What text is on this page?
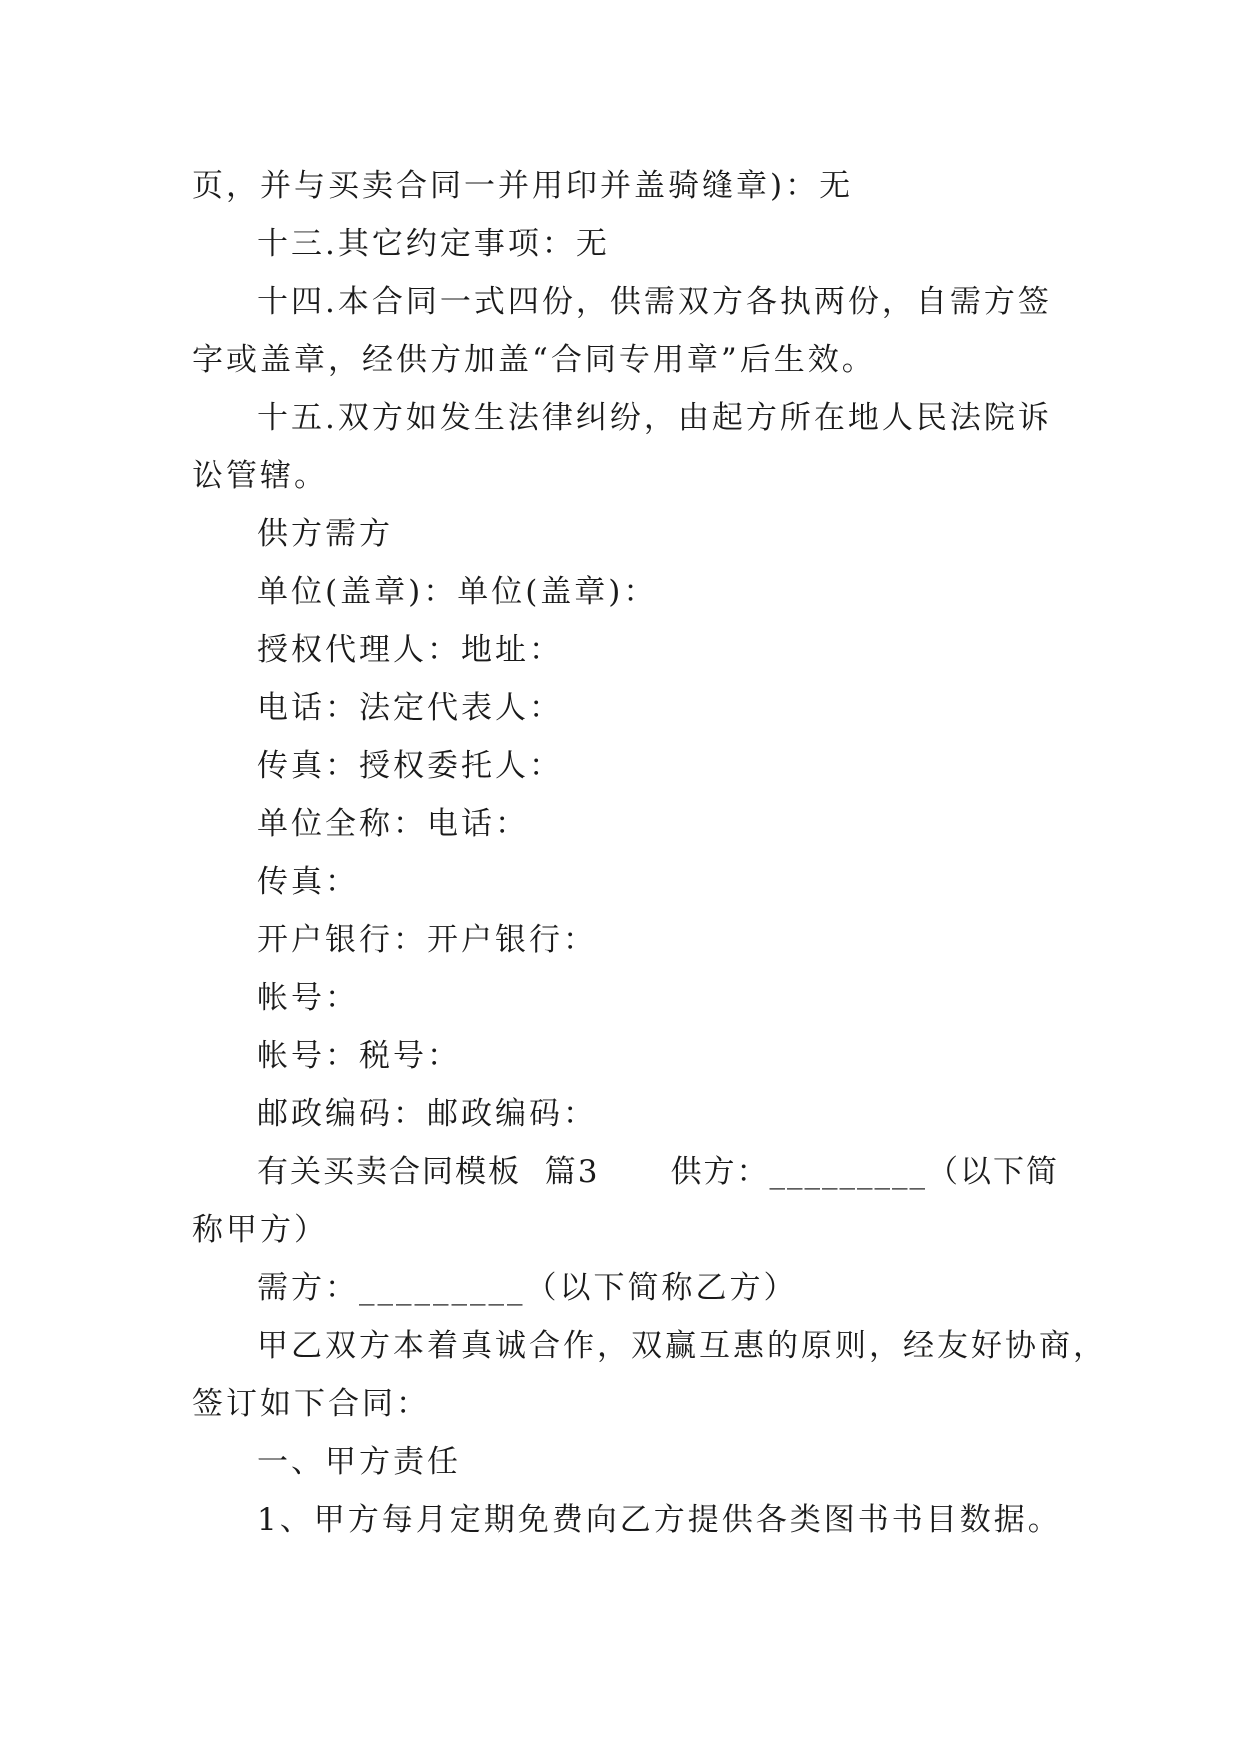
页，并与买卖合同一并用印并盖骑缝章)：无
十三.其它约定事项：无
十四.本合同一式四份，供需双方各执两份，自需方签
字或盖章，经供方加盖“合同专用章”后生效。
十五.双方如发生法律纠纷，由起方所在地人民法院诉
讼管辖。
供方需方
单位(盖章)：单位(盖章)：
授权代理人：地址：
电话：法定代表人：
传真：授权委托人：
单位全称：电话：
传真：
开户银行：开户银行：
帐号：
帐号：税号：
邮政编码：邮政编码：
有关买卖合同模板  篇3      供方：_________（以下简
称甲方）
需方：_________（以下简称乙方）
甲乙双方本着真诚合作，双赢互惠的原则，经友好协商，
签订如下合同：
一、甲方责任
1、甲方每月定期免费向乙方提供各类图书书目数据。
